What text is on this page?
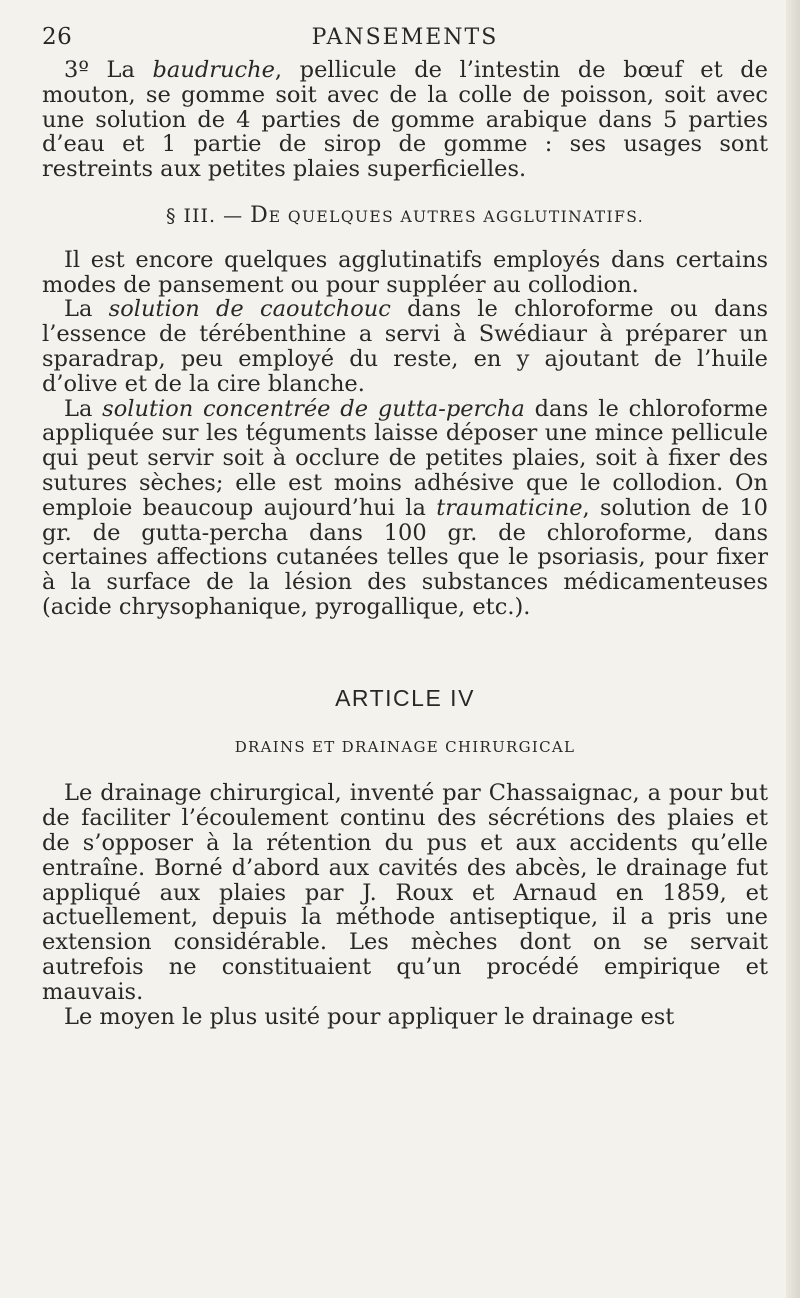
26	PANSEMENTS

3º La baudruche, pellicule de l’intestin de bœuf et de mouton, se gomme soit avec de la colle de poisson, soit avec une solution de 4 parties de gomme arabique dans 5 parties d’eau et 1 partie de sirop de gomme : ses usages sont restreints aux petites plaies superficielles.

§ III. — DE QUELQUES AUTRES AGGLUTINATIFS.

Il est encore quelques agglutinatifs employés dans certains modes de pansement ou pour suppléer au collodion.

La solution de caoutchouc dans le chloroforme ou dans l’essence de térébenthine a servi à Swédiaur à préparer un sparadrap, peu employé du reste, en y ajoutant de l’huile d’olive et de la cire blanche.

La solution concentrée de gutta-percha dans le chloroforme appliquée sur les téguments laisse déposer une mince pellicule qui peut servir soit à occlure de petites plaies, soit à fixer des sutures sèches; elle est moins adhésive que le collodion. On emploie beaucoup aujourd’hui la traumaticine, solution de 10 gr. de gutta-percha dans 100 gr. de chloroforme, dans certaines affections cutanées telles que le psoriasis, pour fixer à la surface de la lésion des substances médicamenteuses (acide chrysophanique, pyrogallique, etc.).

ARTICLE IV
DRAINS ET DRAINAGE CHIRURGICAL

Le drainage chirurgical, inventé par Chassaignac, a pour but de faciliter l’écoulement continu des sécrétions des plaies et de s’opposer à la rétention du pus et aux accidents qu’elle entraîne. Borné d’abord aux cavités des abcès, le drainage fut appliqué aux plaies par J. Roux et Arnaud en 1859, et actuellement, depuis la méthode antiseptique, il a pris une extension considérable. Les mèches dont on se servait autrefois ne constituaient qu’un procédé empirique et mauvais.

Le moyen le plus usité pour appliquer le drainage est
